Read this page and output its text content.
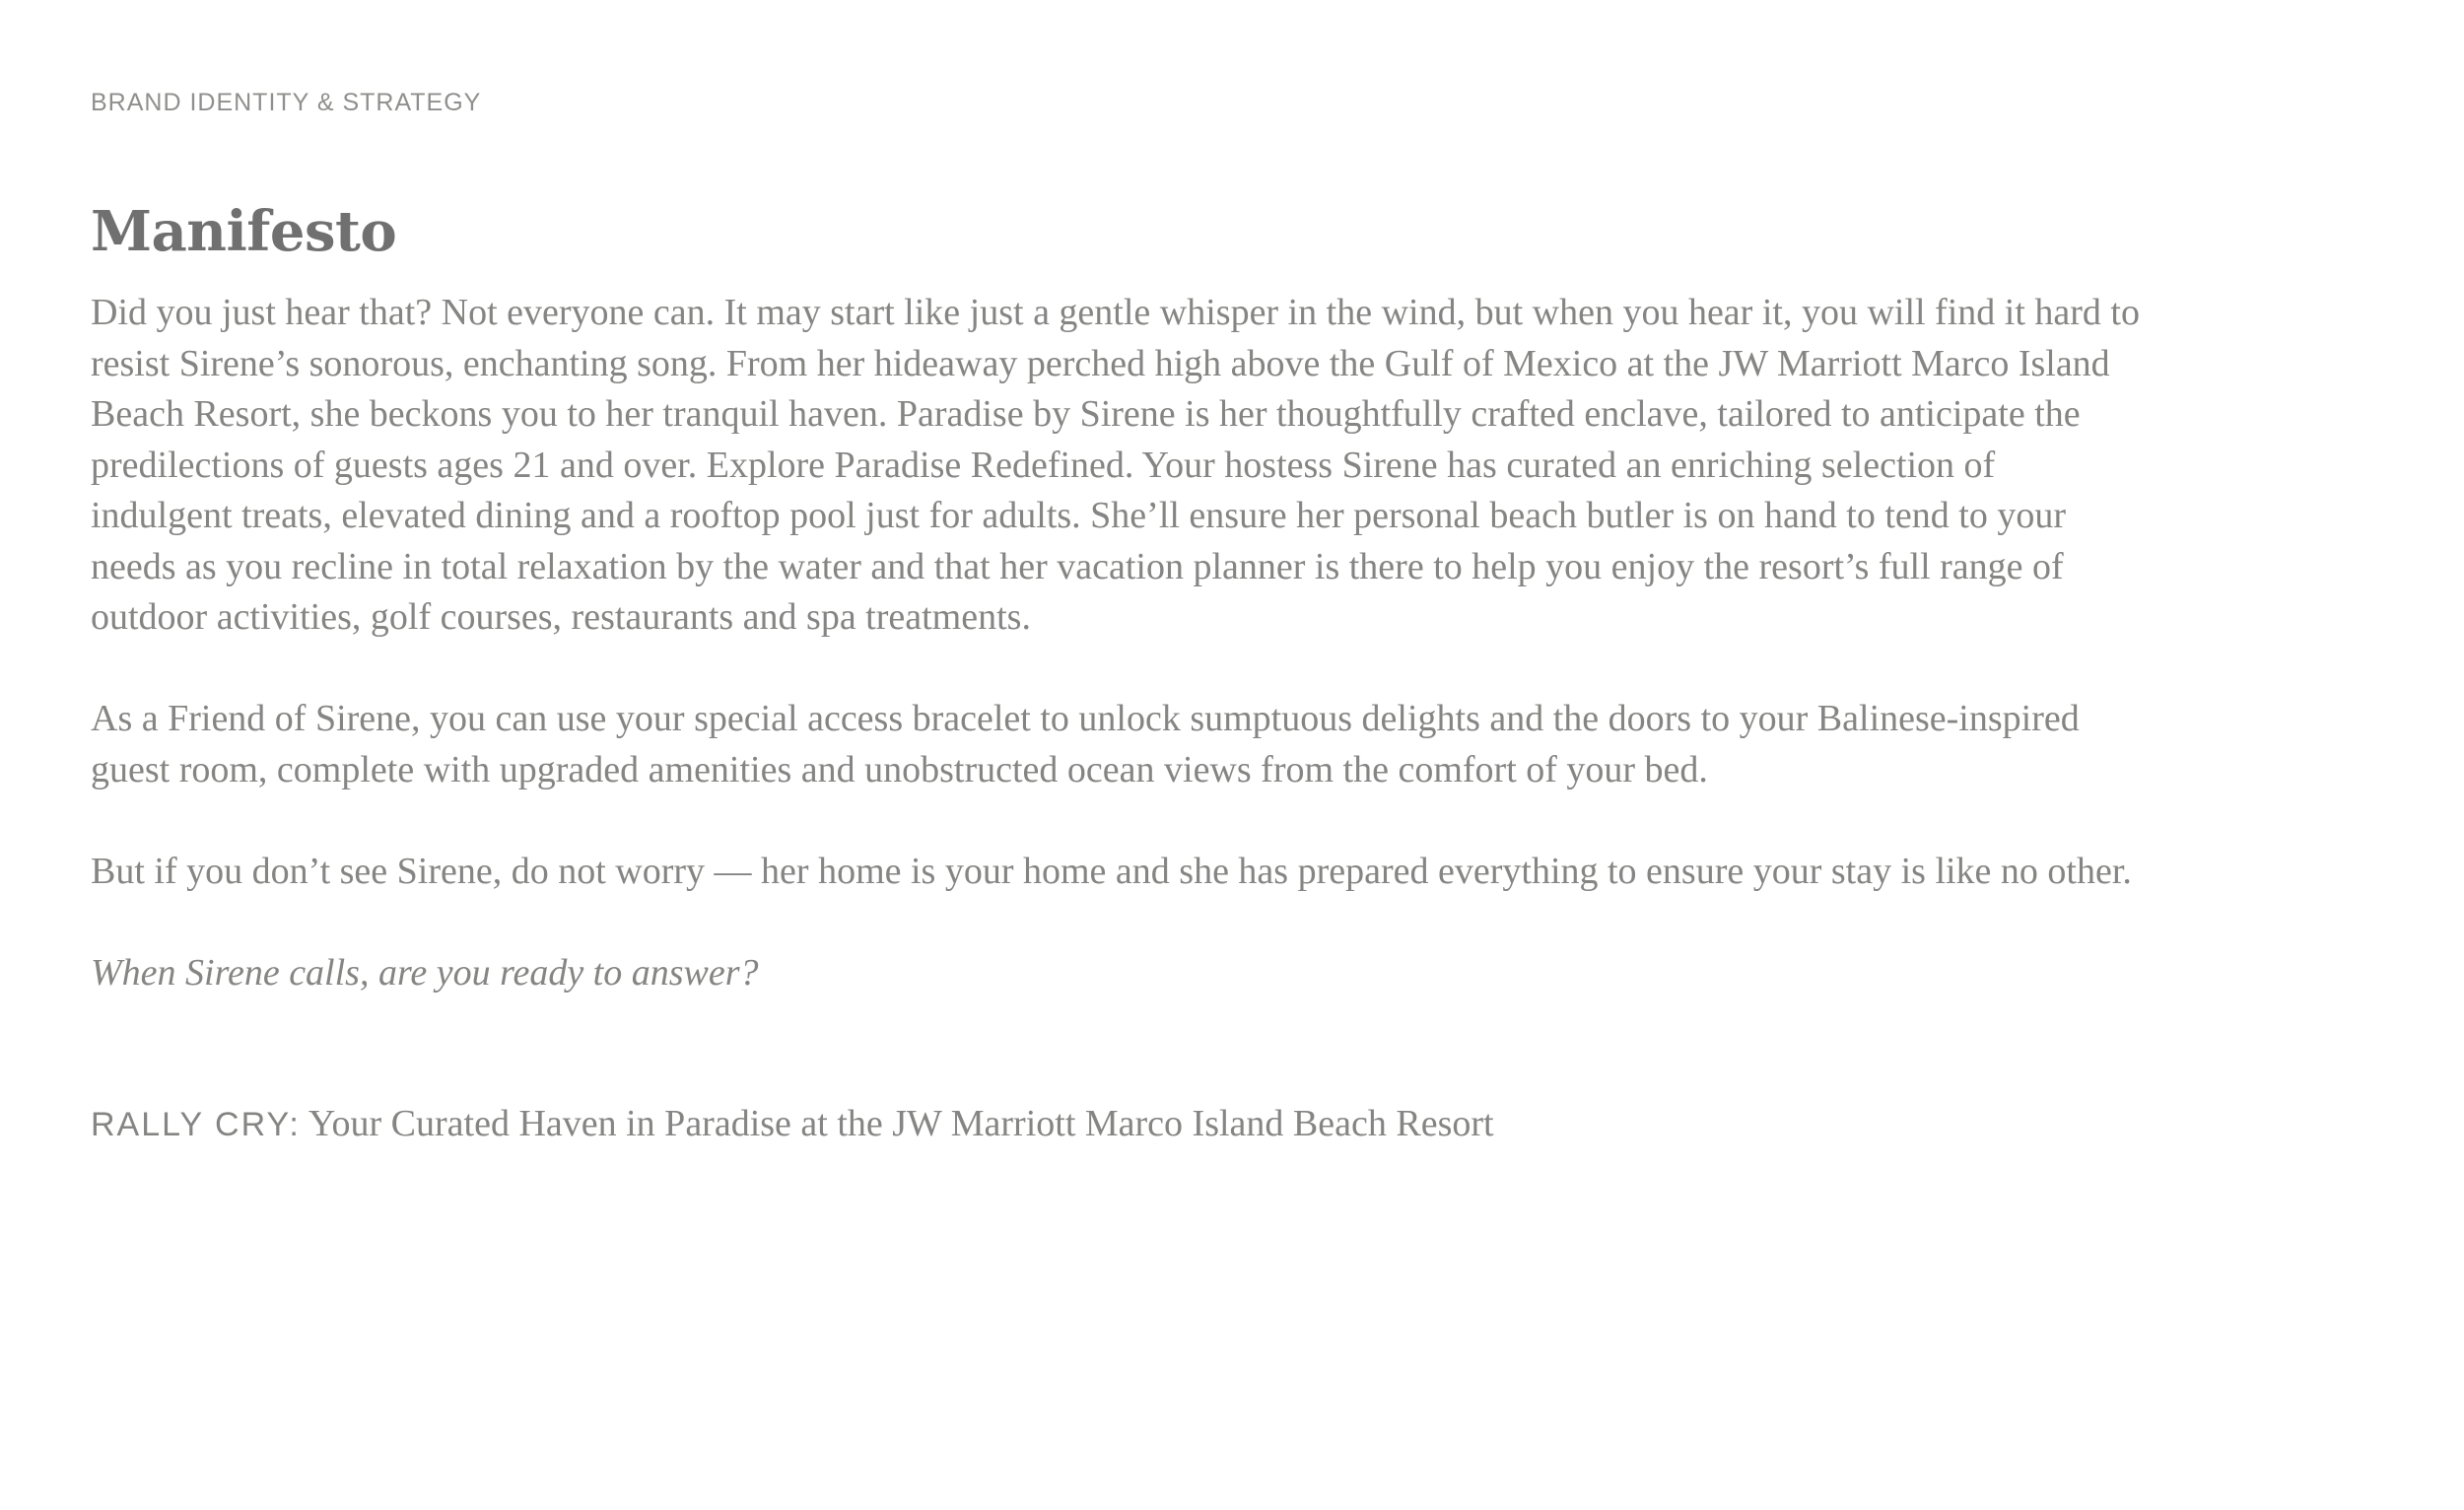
BRAND IDENTITY & STRATEGY

Manifesto

Did you just hear that? Not everyone can. It may start like just a gentle whisper in the wind, but when you hear it, you will find it hard to resist Sirene’s sonorous, enchanting song. From her hideaway perched high above the Gulf of Mexico at the JW Marriott Marco Island Beach Resort, she beckons you to her tranquil haven. Paradise by Sirene is her thoughtfully crafted enclave, tailored to anticipate the predilections of guests ages 21 and over. Explore Paradise Redefined. Your hostess Sirene has curated an enriching selection of indulgent treats, elevated dining and a rooftop pool just for adults. She’ll ensure her personal beach butler is on hand to tend to your needs as you recline in total relaxation by the water and that her vacation planner is there to help you enjoy the resort’s full range of outdoor activities, golf courses, restaurants and spa treatments.

As a Friend of Sirene, you can use your special access bracelet to unlock sumptuous delights and the doors to your Balinese-inspired guest room, complete with upgraded amenities and unobstructed ocean views from the comfort of your bed.

But if you don’t see Sirene, do not worry — her home is your home and she has prepared everything to ensure your stay is like no other.

When Sirene calls, are you ready to answer?

RALLY CRY: Your Curated Haven in Paradise at the JW Marriott Marco Island Beach Resort
